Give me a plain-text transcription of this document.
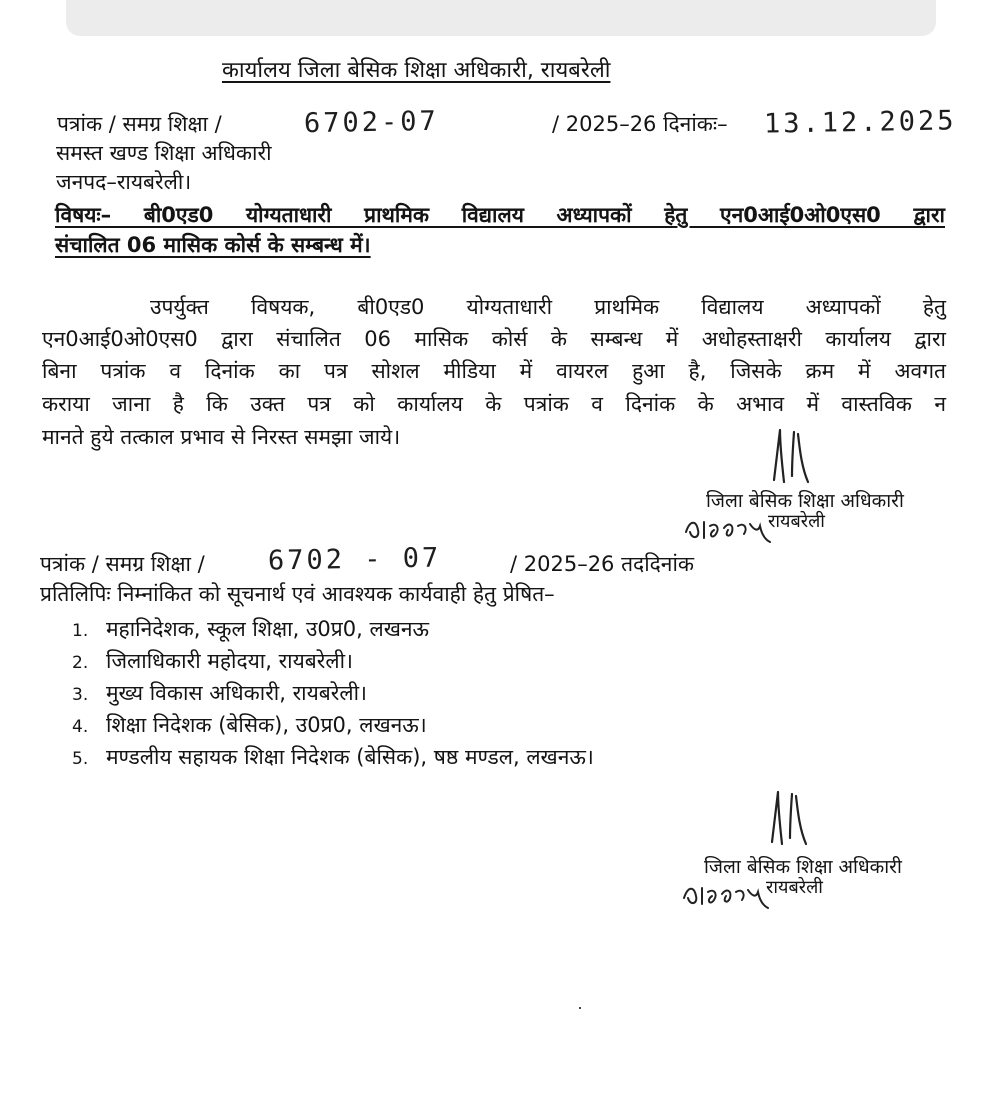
कार्यालय जिला बेसिक शिक्षा अधिकारी, रायबरेली
पत्रांक / समग्र शिक्षा /	6702-07	/ 2025–26 दिनांकः– 13.12.2025
समस्त खण्ड शिक्षा अधिकारी
जनपद–रायबरेली।
विषयः– बी0एड0 योग्यताधारी प्राथमिक विद्यालय अध्यापकों हेतु एन0आई0ओ0एस0 द्वारा
संचालित 06 मासिक कोर्स के सम्बन्ध में।
उपर्युक्त विषयक, बी0एड0 योग्यताधारी प्राथमिक विद्यालय अध्यापकों हेतु
एन0आई0ओ0एस0 द्वारा संचालित 06 मासिक कोर्स के सम्बन्ध में अधोहस्ताक्षरी कार्यालय द्वारा
बिना पत्रांक व दिनांक का पत्र सोशल मीडिया में वायरल हुआ है, जिसके क्रम में अवगत
कराया जाना है कि उक्त पत्र को कार्यालय के पत्रांक व दिनांक के अभाव में वास्तविक न
मानते हुये तत्काल प्रभाव से निरस्त समझा जाये।
जिला बेसिक शिक्षा अधिकारी
रायबरेली
पत्रांक / समग्र शिक्षा / 6702 - 07	/ 2025–26 तददिनांक
प्रतिलिपिः निम्नांकित को सूचनार्थ एवं आवश्यक कार्यवाही हेतु प्रेषित–
1. महानिदेशक, स्कूल शिक्षा, उ0प्र0, लखनऊ
2. जिलाधिकारी महोदया, रायबरेली।
3. मुख्य विकास अधिकारी, रायबरेली।
4. शिक्षा निदेशक (बेसिक), उ0प्र0, लखनऊ।
5. मण्डलीय सहायक शिक्षा निदेशक (बेसिक), षष्ठ मण्डल, लखनऊ।
जिला बेसिक शिक्षा अधिकारी
रायबरेली
